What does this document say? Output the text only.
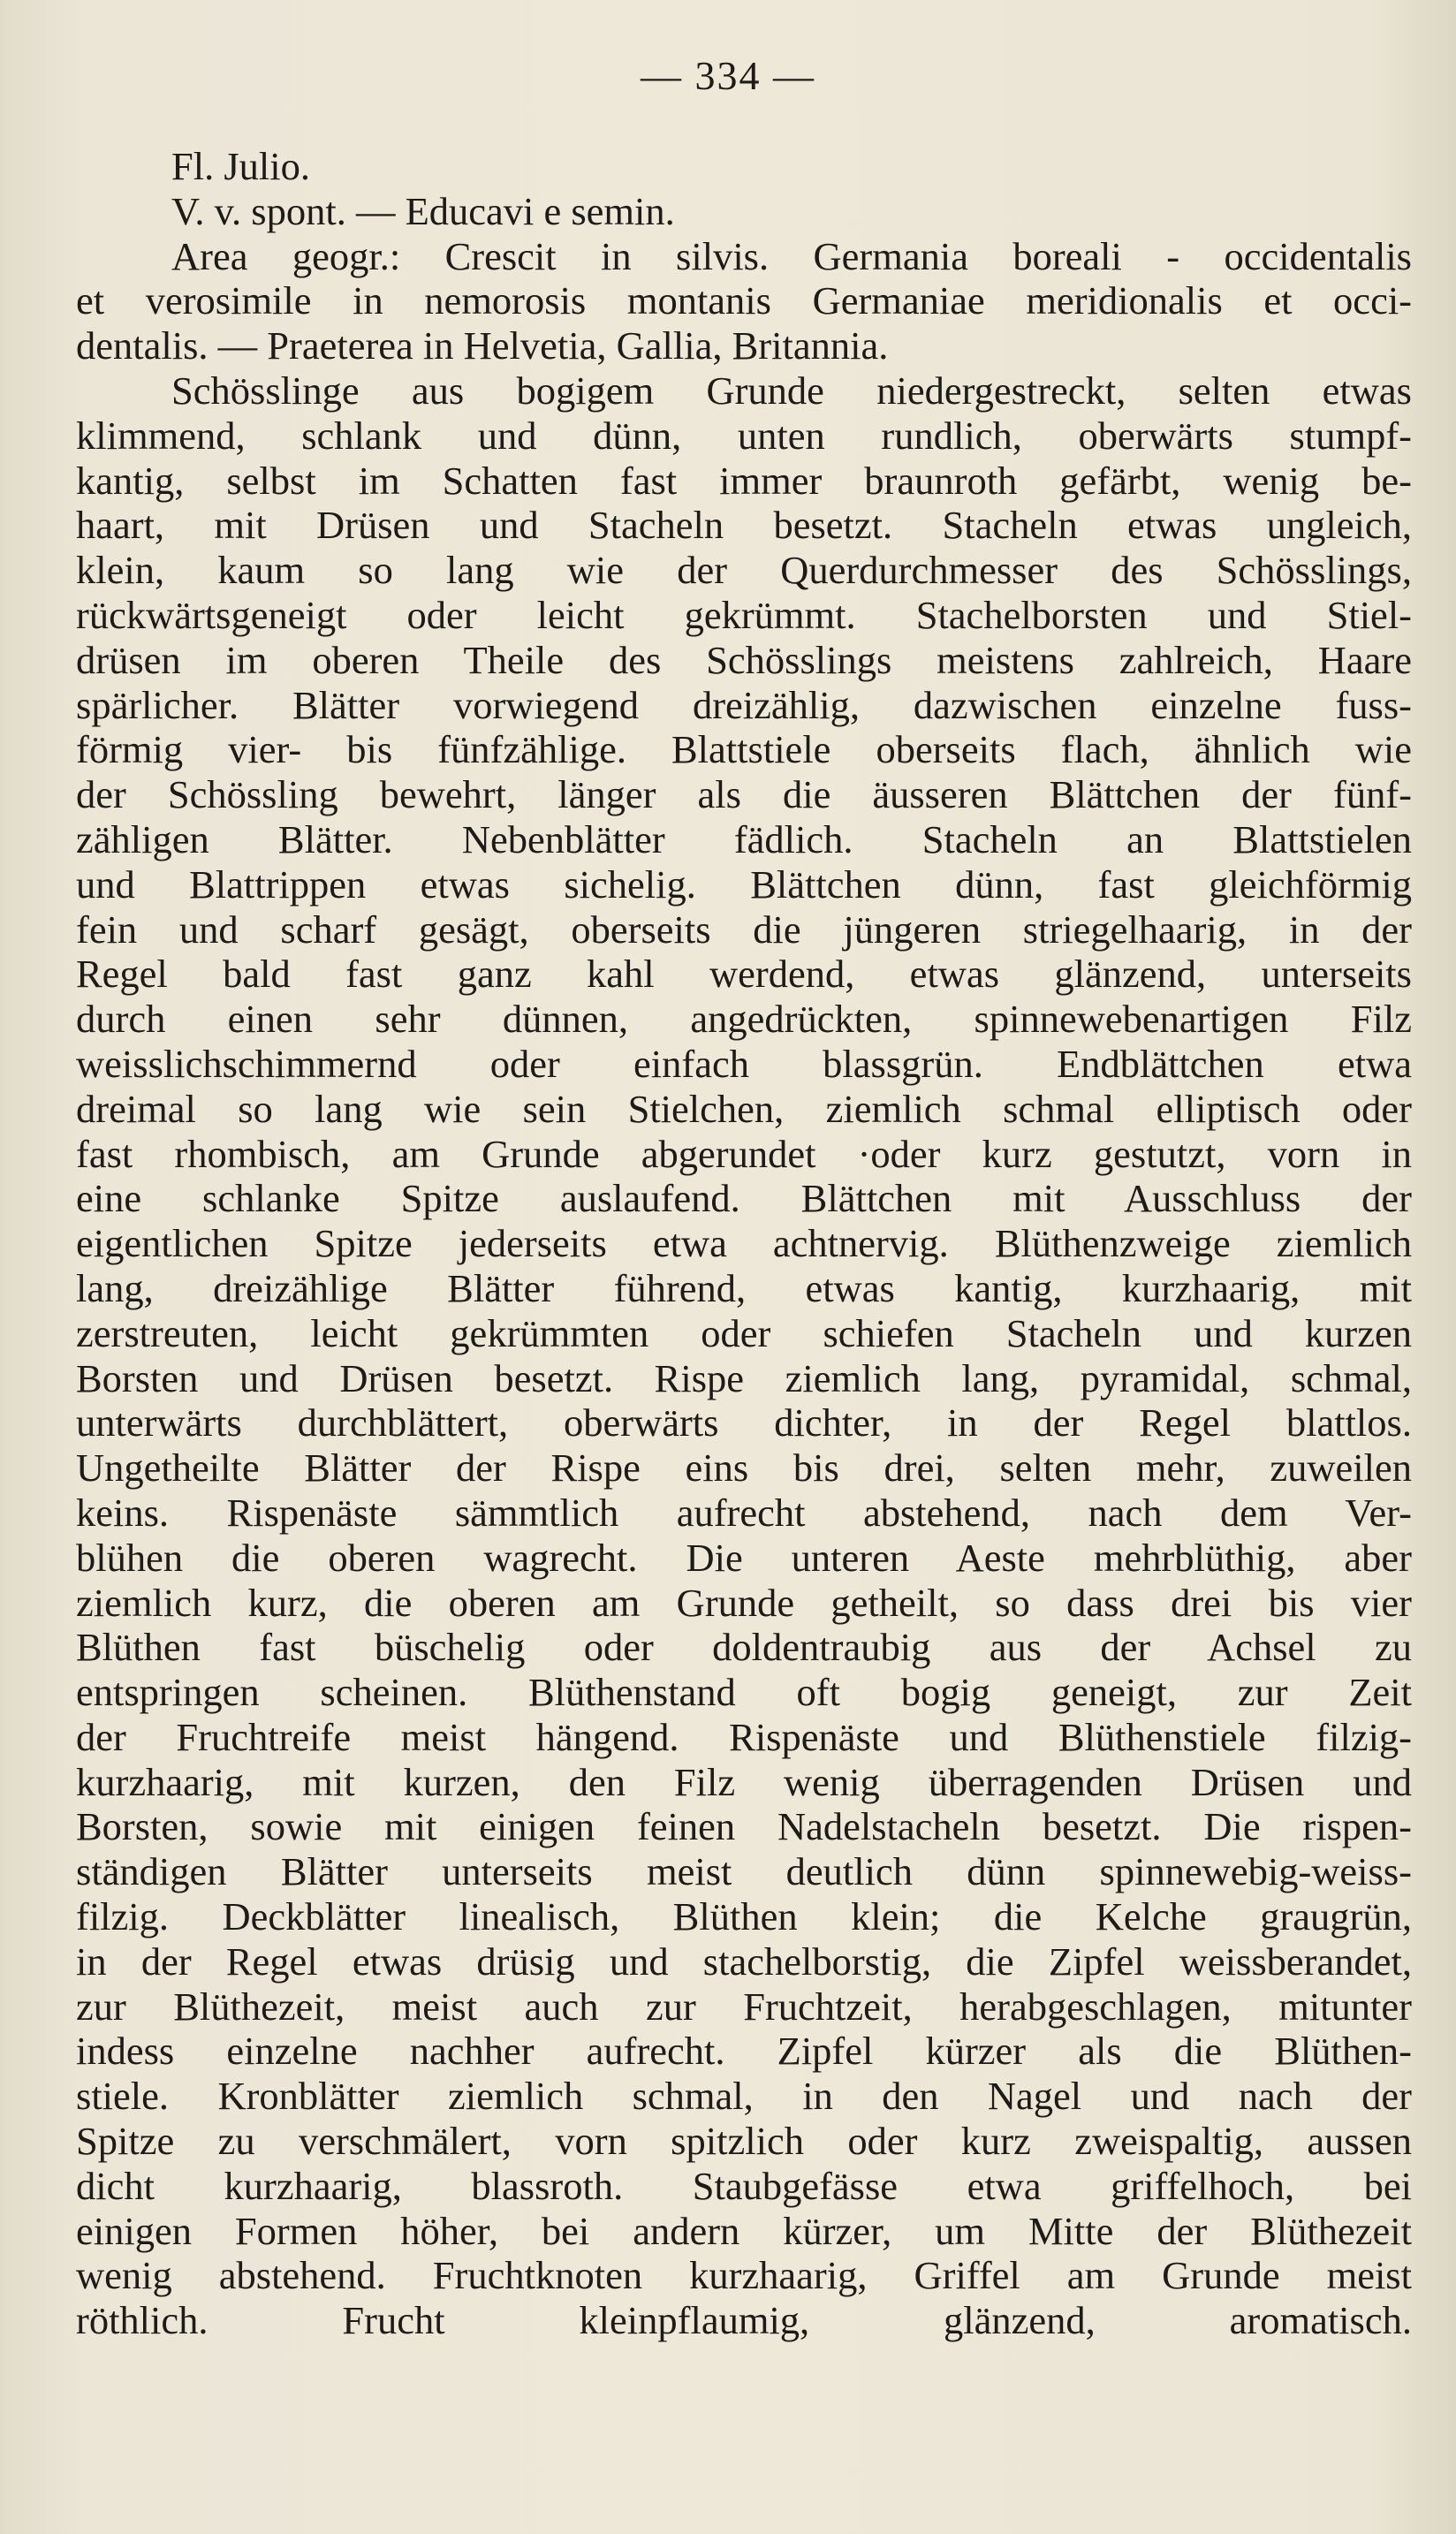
— 334 —
Fl. Julio.
V. v. spont. — Educavi e semin.
Area geogr.: Crescit in silvis. Germania boreali - occidentalis
et verosimile in nemorosis montanis Germaniae meridionalis et occi-
dentalis. — Praeterea in Helvetia, Gallia, Britannia.
Schösslinge aus bogigem Grunde niedergestreckt, selten etwas
klimmend, schlank und dünn, unten rundlich, oberwärts stumpf-
kantig, selbst im Schatten fast immer braunroth gefärbt, wenig be-
haart, mit Drüsen und Stacheln besetzt. Stacheln etwas ungleich,
klein, kaum so lang wie der Querdurchmesser des Schösslings,
rückwärtsgeneigt oder leicht gekrümmt. Stachelborsten und Stiel-
drüsen im oberen Theile des Schösslings meistens zahlreich, Haare
spärlicher. Blätter vorwiegend dreizählig, dazwischen einzelne fuss-
förmig vier- bis fünfzählige. Blattstiele oberseits flach, ähnlich wie
der Schössling bewehrt, länger als die äusseren Blättchen der fünf-
zähligen Blätter. Nebenblätter fädlich. Stacheln an Blattstielen
und Blattrippen etwas sichelig. Blättchen dünn, fast gleichförmig
fein und scharf gesägt, oberseits die jüngeren striegelhaarig, in der
Regel bald fast ganz kahl werdend, etwas glänzend, unterseits
durch einen sehr dünnen, angedrückten, spinnewebenartigen Filz
weisslichschimmernd oder einfach blassgrün. Endblättchen etwa
dreimal so lang wie sein Stielchen, ziemlich schmal elliptisch oder
fast rhombisch, am Grunde abgerundet ·oder kurz gestutzt, vorn in
eine schlanke Spitze auslaufend. Blättchen mit Ausschluss der
eigentlichen Spitze jederseits etwa achtnervig. Blüthenzweige ziemlich
lang, dreizählige Blätter führend, etwas kantig, kurzhaarig, mit
zerstreuten, leicht gekrümmten oder schiefen Stacheln und kurzen
Borsten und Drüsen besetzt. Rispe ziemlich lang, pyramidal, schmal,
unterwärts durchblättert, oberwärts dichter, in der Regel blattlos.
Ungetheilte Blätter der Rispe eins bis drei, selten mehr, zuweilen
keins. Rispenäste sämmtlich aufrecht abstehend, nach dem Ver-
blühen die oberen wagrecht. Die unteren Aeste mehrblüthig, aber
ziemlich kurz, die oberen am Grunde getheilt, so dass drei bis vier
Blüthen fast büschelig oder doldentraubig aus der Achsel zu
entspringen scheinen. Blüthenstand oft bogig geneigt, zur Zeit
der Fruchtreife meist hängend. Rispenäste und Blüthenstiele filzig-
kurzhaarig, mit kurzen, den Filz wenig überragenden Drüsen und
Borsten, sowie mit einigen feinen Nadelstacheln besetzt. Die rispen-
ständigen Blätter unterseits meist deutlich dünn spinnewebig-weiss-
filzig. Deckblätter linealisch, Blüthen klein; die Kelche graugrün,
in der Regel etwas drüsig und stachelborstig, die Zipfel weissberandet,
zur Blüthezeit, meist auch zur Fruchtzeit, herabgeschlagen, mitunter
indess einzelne nachher aufrecht. Zipfel kürzer als die Blüthen-
stiele. Kronblätter ziemlich schmal, in den Nagel und nach der
Spitze zu verschmälert, vorn spitzlich oder kurz zweispaltig, aussen
dicht kurzhaarig, blassroth. Staubgefässe etwa griffelhoch, bei
einigen Formen höher, bei andern kürzer, um Mitte der Blüthezeit
wenig abstehend. Fruchtknoten kurzhaarig, Griffel am Grunde meist
röthlich. Frucht kleinpflaumig, glänzend, aromatisch.
